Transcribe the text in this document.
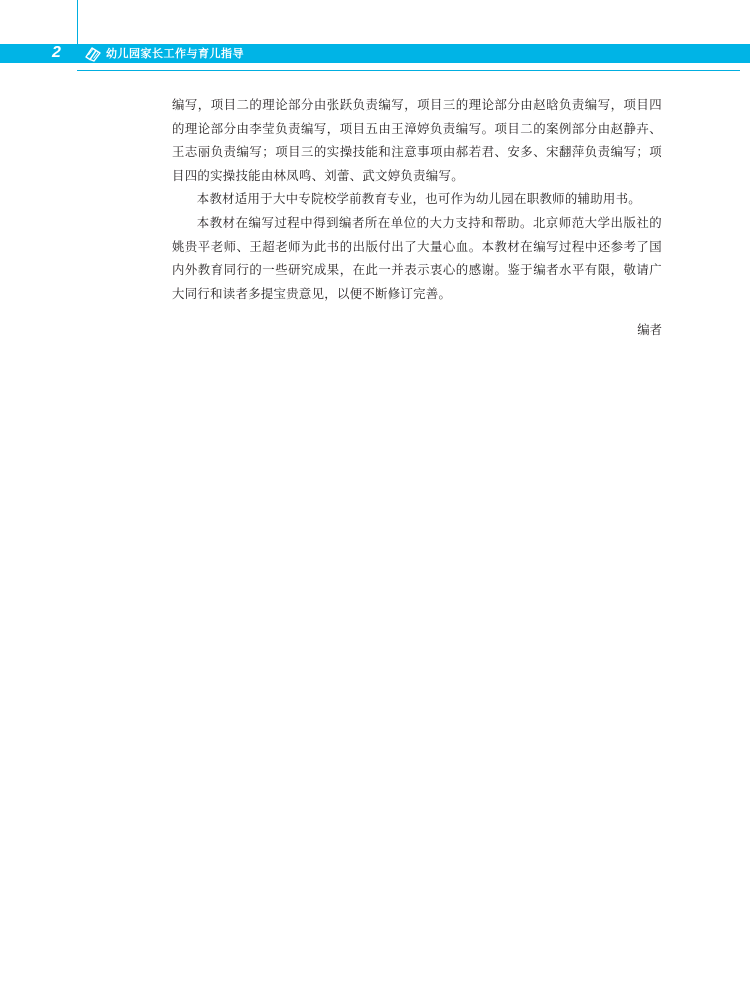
2	幼儿园家长工作与育儿指导

编写，项目二的理论部分由张跃负责编写，项目三的理论部分由赵晗负责编写，项目四的理论部分由李莹负责编写，项目五由王漳婷负责编写。项目二的案例部分由赵静卉、王志丽负责编写；项目三的实操技能和注意事项由郝若君、安多、宋翻萍负责编写；项目四的实操技能由林凤鸣、刘蕾、武文婷负责编写。

本教材适用于大中专院校学前教育专业，也可作为幼儿园在职教师的辅助用书。

本教材在编写过程中得到编者所在单位的大力支持和帮助。北京师范大学出版社的姚贵平老师、王超老师为此书的出版付出了大量心血。本教材在编写过程中还参考了国内外教育同行的一些研究成果，在此一并表示衷心的感谢。鉴于编者水平有限，敬请广大同行和读者多提宝贵意见，以便不断修订完善。

编者
